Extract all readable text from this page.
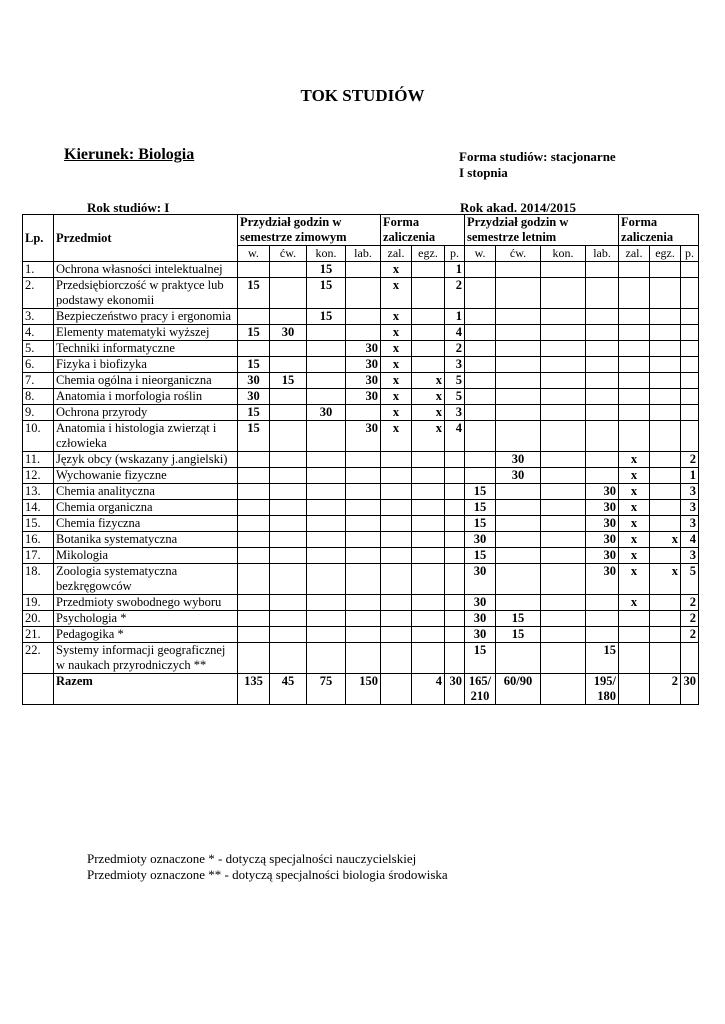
TOK STUDIÓW
Kierunek: Biologia	Forma studiów: stacjonarne
I stopnia
Rok studiów: I	Rok akad. 2014/2015
Lp.	Przedmiot	Przydział godzin w semestrze zimowym				Forma zaliczenia			Przydział godzin w semestrze letnim				Forma zaliczenia		
		w.	ćw.	kon.	lab.	zal.	egz.	p.	w.	ćw.	kon.	lab.	zal.	egz.	p.
1.	Ochrona własności intelektualnej			15		x		1							
2.	Przedsiębiorczość w praktyce lub podstawy ekonomii	15		15		x		2							
3.	Bezpieczeństwo pracy i ergonomia			15		x		1							
4.	Elementy matematyki wyższej	15	30			x		4							
5.	Techniki informatyczne				30	x		2							
6.	Fizyka i biofizyka	15			30	x		3							
7.	Chemia ogólna i nieorganiczna	30	15		30	x	x	5							
8.	Anatomia i morfologia roślin	30			30	x	x	5							
9.	Ochrona przyrody	15		30		x	x	3							
10.	Anatomia i histologia zwierząt i człowieka	15			30	x	x	4							
11.	Język obcy (wskazany j.angielski)									30			x		2
12.	Wychowanie fizyczne									30			x		1
13.	Chemia analityczna								15			30	x		3
14.	Chemia organiczna								15			30	x		3
15.	Chemia fizyczna								15			30	x		3
16.	Botanika systematyczna								30			30	x	x	4
17.	Mikologia								15			30	x		3
18.	Zoologia systematyczna bezkręgowców								30			30	x	x	5
19.	Przedmioty swobodnego wyboru								30				x		2
20.	Psychologia *								30	15					2
21.	Pedagogika *								30	15					2
22.	Systemy informacji geograficznej w naukach przyrodniczych **								15			15			
	Razem	135	45	75	150		4	30	165/ 210	60/90		195/ 180		2	30
Przedmioty oznaczone * - dotyczą specjalności nauczycielskiej
Przedmioty oznaczone ** - dotyczą specjalności biologia środowiska
